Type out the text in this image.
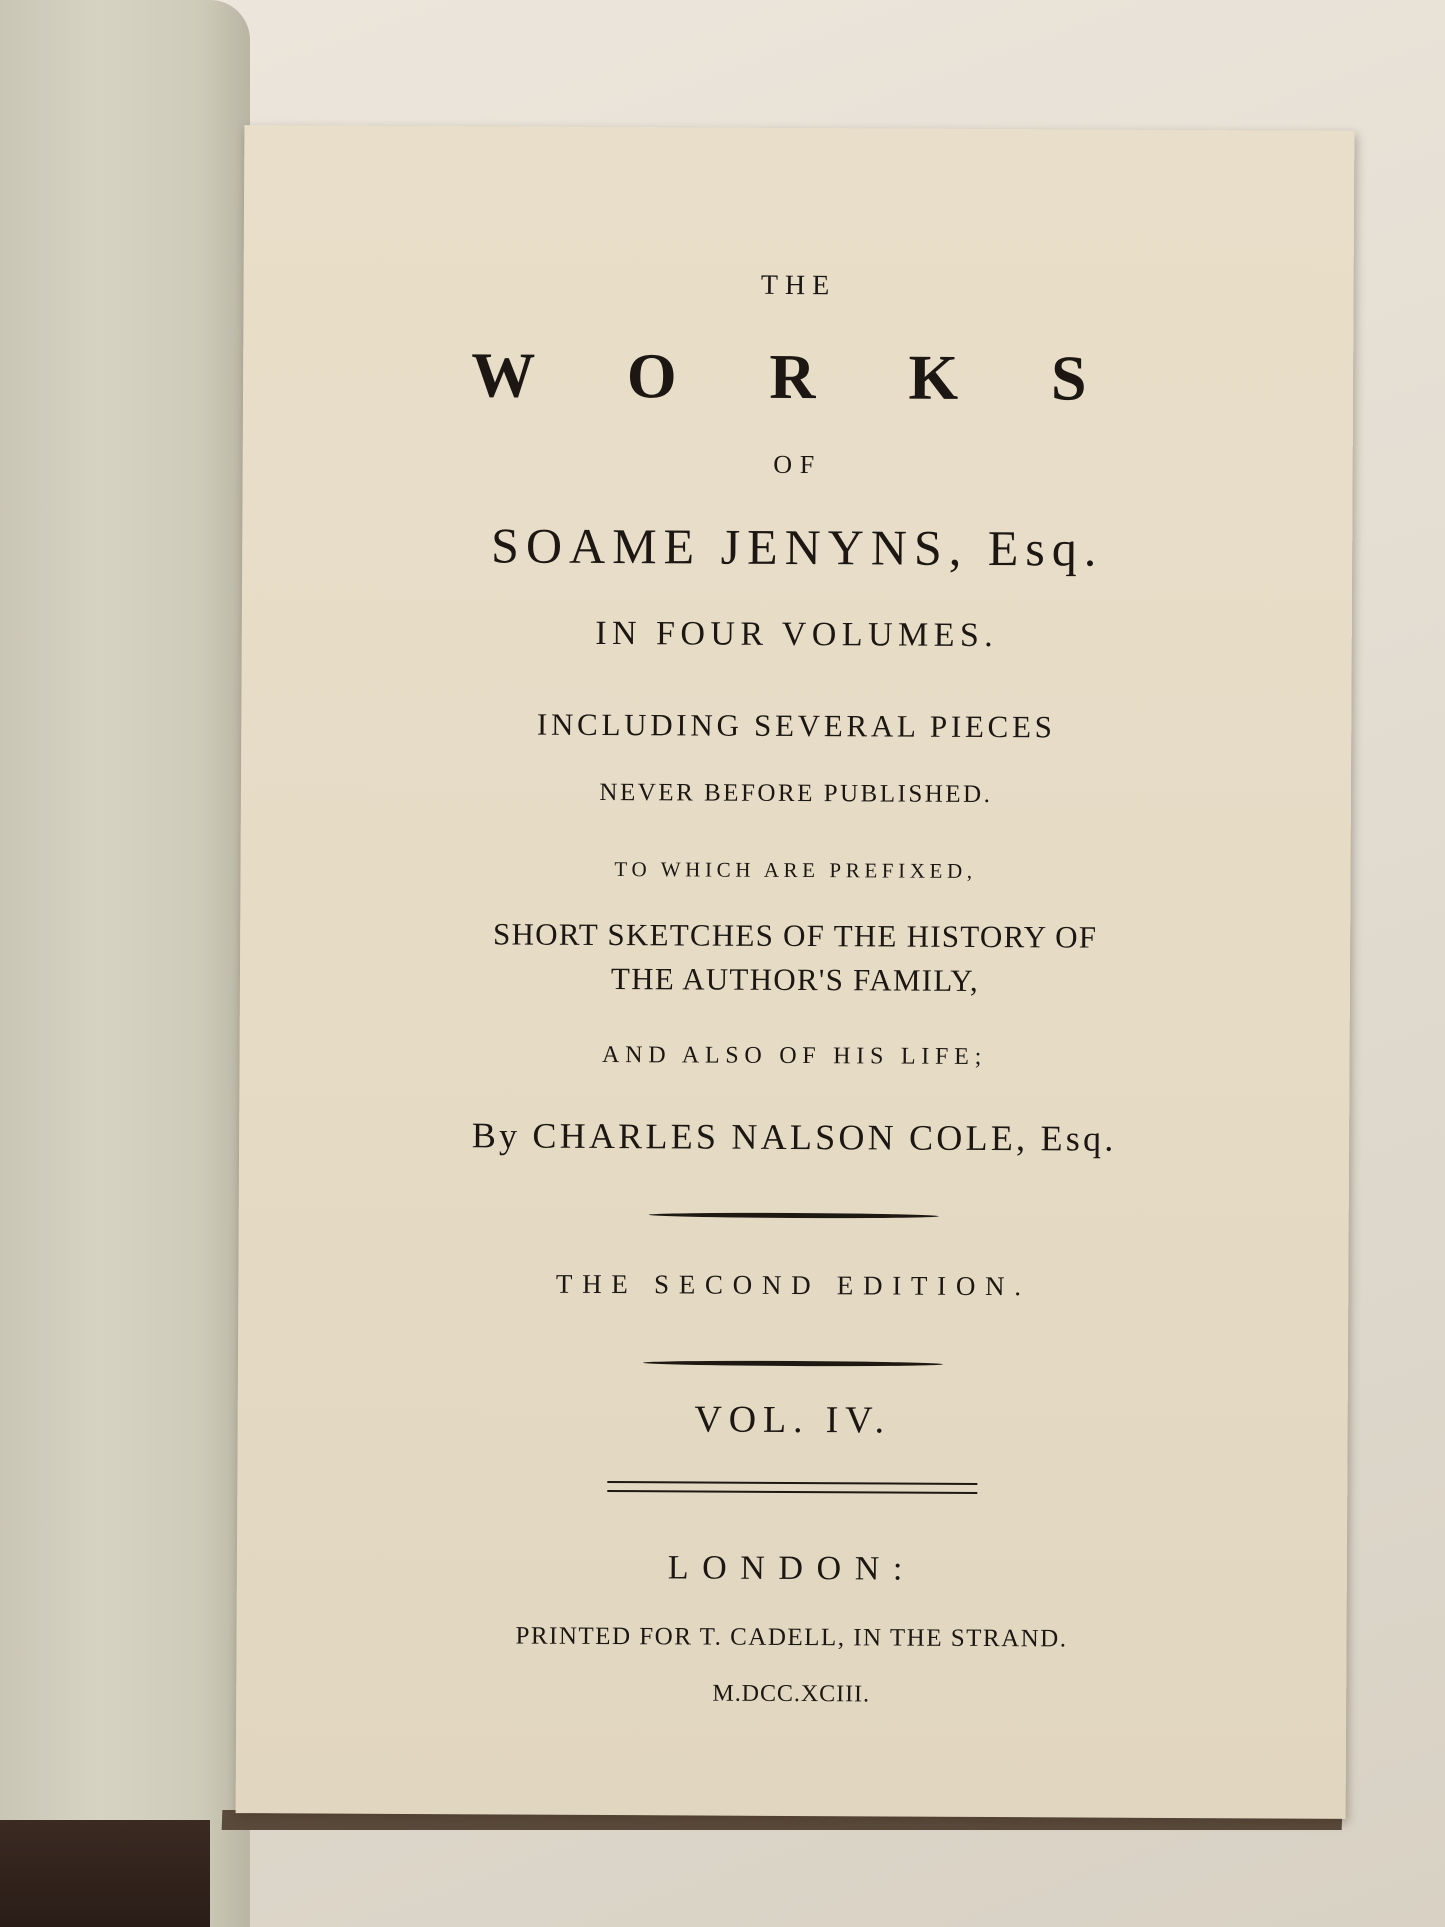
THE
W O R K S
OF
SOAME JENYNS, Esq.
IN FOUR VOLUMES.
INCLUDING SEVERAL PIECES
NEVER BEFORE PUBLISHED.
TO WHICH ARE PREFIXED,
SHORT SKETCHES OF THE HISTORY OF
THE AUTHOR'S FAMILY,
AND ALSO OF HIS LIFE;
By CHARLES NALSON COLE, Esq.
THE SECOND EDITION.
VOL. IV.
LONDON:
PRINTED FOR T. CADELL, IN THE STRAND.
M.DCC.XCIII.
